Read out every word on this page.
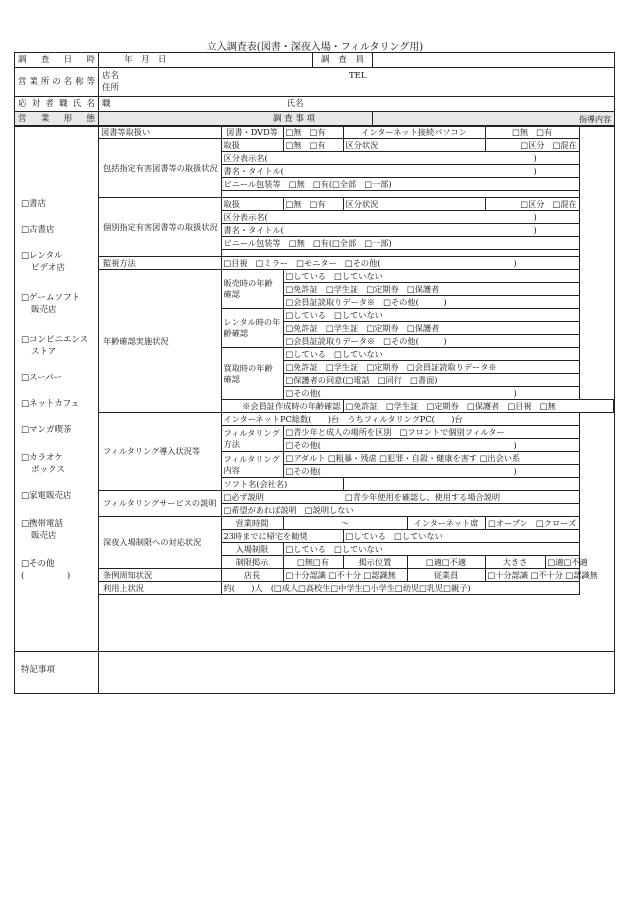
立入調査表(図書・深夜入場・フィルタリング用)
調 査 日 時	年　月　日	調 査 員	
営業所の名称等	店名 TEL
住所		
応対者職氏名	職 氏名		
営 業 形 態	調 査 事 項		指導内容
□書店
□古書店
□レンタル
ビデオ店
□ゲームソフト
販売店
□コンビニエンス
ストア
□スーパー
□ネットカフェ
□マンガ喫茶
□カラオケ
ボックス
□家電販売店
□携帯電話
販売店
□その他
(　　　　　)
図書等取扱い	図書・DVD等	□無　□有	インターネット接続パソコン		□無　□有	
包括指定有害図書等の取扱状況	取扱	□無　□有	区分状況		□区分　□混在	
	区分表示名( )					

	書名・タイトル( )					

	ビニール包装等　□無　□有(□全部　□一部)					

個別指定有害図書等の取扱状況	取扱	□無　□有	区分状況		□区分　□混在	
	区分表示名( )					

	書名・タイトル( )					

	ビニール包装等　□無　□有(□全部　□一部)					

監視方法	□目視　□ミラー　□モニター　□その他( )					

年齢確認実施状況	販売時の年齢確認	□している　□していない				
		□免許証　□学生証　□定期券　□保護者				
		□会員証読取りデータ※　□その他(　　　)				
	レンタル時の年齢確認	□している　□していない				
		□免許証　□学生証　□定期券　□保護者				
		□会員証読取りデータ※　□その他(　　　)				
	買取時の年齢確認	□している　□していない				
		□免許証　□学生証　□定期券　□会員証読取りデータ※				
		□保護者の同意(□電話　□同行　□書面)				
		□その他( )				

	※会員証作成時の年齢確認		□免許証　□学生証　□定期券　□保護者　□目視　□無			
フィルタリング導入状況等	インターネットPC総数(　　)台　うちフィルタリングPC(　　)台					
	フィルタリング方法	□青少年と成人の場所を区別　□フロントで個別フィルター				
		□その他( )				

	フィルタリング内容	□アダルト □粗暴・残虐 □犯罪・自殺・健康を害す □出会い系				
		□その他( )				

	ソフト名(会社名)					
フィルタリングサービスの説明	□必ず説明		□青少年使用を確認し、使用する場合説明			
	□希望があれば説明　□説明しない					
深夜入場制限への対応状況	営業時間	〜		インターネット席	□オープン　□クローズ	
	23時までに帰宅を勧奨		□している　□していない			
	入場制限	□している　□していない				
	制限掲示	□無□有	掲示位置	□適□不適	大きさ	□適□不適
条例周知状況	店長	□十分認識 □不十分 □認識無		従業員	□十分認識 □不十分 □認識無	
利用上状況	約(　　)人　(□成人□高校生□中学生□小学生□幼児□乳児□親子)					
特記事項
